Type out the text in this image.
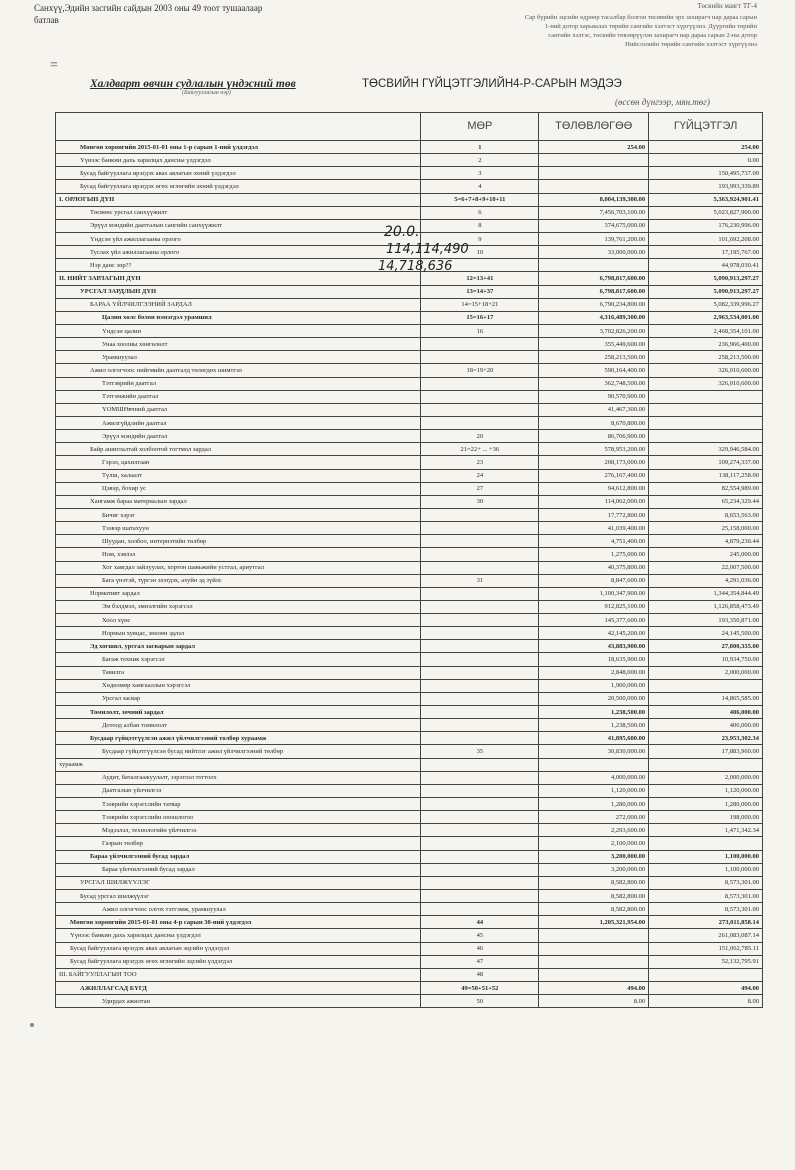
Санхүү,Эдийн засгийн сайдын 2003 оны 49 тоот тушаалаар
батлав
Төсвийн маягт ТГ-4
Сар бүрийн эцсийн өдрөөр тасалбар болгон төсөвийн эрх захирагч нар дараа сарын
1-ний дотор харьяалах төрийн сангийн хэлтэст хүргүүлнэ. Дүүргийн төрийн
сангийн хэлтэс, төсвийн төвлөрүүлэн захирагч нар дараа сарын 2-ны дотор
Нийслэлийн төрийн сангийн хэлтэст хүргүүлнэ
=
Халдварт өвчин судлалын үндэсний төв
(Байгууллагын нэр)
ТӨСВИЙН ГҮЙЦЭТГЭЛИЙН4-Р-САРЫН МЭДЭЭ
(өссөн дүнгээр, мян.төг)
	МӨР	ТӨЛӨВЛӨГӨӨ	ГҮЙЦЭТГЭЛ
Мөнгөн хөрөнгийн 2015-01-01 оны 1-р сарын 1-ний үлдэгдэл	1	254.00	254.00
Үүнээс банкин дахь харилцах дансны үлдэгдэл	2		0.00
Бусад байгууллага ирэгдэх авах авлагын эхний үлдэгдэл	3		150,495,737.09
Бусад байгууллага ирэгдэх өгөх өглөгийн эхний үлдэгдэл	4		193,993,339.89
I. ОРЛОГЫН ДҮН	5=6+7+8+9+10+11	8,004,139,300.00	5,363,924,901.41
Төсвөөс урсгал санхүүжилт	6	7,456,703,100.00	5,023,827,900.00
Эрүүл мэндийн даатгалын сангийн санхүүжилт	8	374,675,000.00	176,230,996.00
Үндсэн үйл ажиллагааны орлого	9	139,761,200.00	101,692,208.00
Туслах үйл ажиллагааны орлого	10	33,000,000.00	17,195,767.00
Нэр данс зөр??			44,978,030.41
II. НИЙТ ЗАРЛАГЫН ДҮН	12=13+41	6,798,817,600.00	5,090,913,297.27
УРСГАЛ ЗАРДЛЫН ДҮН	13=14+37	6,798,817,600.00	5,090,913,297.27
БАРАА ҮЙЛЧИЛГЭЭНИЙ ЗАРДАЛ	14=15+18+21	6,790,234,800.00	5,082,339,996.27
Цалин хөлс болон нэмэгдэл урамшил	15=16+17	4,316,489,300.00	2,963,534,001.00
Үндсэн цалин	16	3,702,826,200.00	2,468,354,101.00
Унаа хоолны хөнгөлөлт		355,449,600.00	236,966,400.00
Урамшуулал		258,213,500.00	258,213,500.00
Ажил олгогчоос нийгмийн даатгалд төлөгдөх шимтгэл	18=19+20	590,164,400.00	326,010,600.00
Тэтгэврийн даатгал		362,748,500.00	326,010,600.00
Тэтгэмжийн даатгал		90,570,900.00	
ҮОМШӨвчний даатгал		41,467,300.00	
Ажилгүйдлийн даатгал		8,670,800.00	
Эрүүл мэндийн даатгал	20	86,706,900.00	
Байр ашиглалтай холбоотой тогтмол зардал	21=22+ ... +36	578,953,200.00	329,946,584.00
Гэрэл, цахилгаан	23	208,173,000.00	109,274,337.00
Түлш, халаалт	24	276,167,400.00	138,117,258.00
Цэвэр, бохир ус	27	94,612,800.00	82,554,989.00
Хангамж бараа материалын зардал	30	114,062,000.00	65,234,329.44
Бичиг хэрэг		17,772,800.00	8,653,563.00
Тээвэр шатахуун		41,039,400.00	25,158,000.00
Шуудан, холбоо, интернэтийн төлбөр		4,751,400.00	4,879,230.44
Ном, хэвлэл		1,275,000.00	245,000.00
Хог хаягдал зайлуулах, хортон шавьжийн устгал, ариутгал		40,375,800.00	22,007,500.00
Бага үнэтэй, түргэн элэгдэх, ахуйн эд зүйлс	31	8,847,600.00	4,291,036.00
Нормативт зардал		1,100,347,900.00	1,344,354,844.49
Эм бэлдмэл, эмнэлгийн хэрэгсэл		912,825,100.00	1,126,858,473.49
Хоол хүнс		145,377,600.00	193,350,871.00
Нормын хувцас, зөөлөн эдлэл		42,145,200.00	24,145,500.00
Эд хогшил, урсгал засварын зардал		43,883,900.00	27,800,335.00
Багаж техник хэрэгсэл		18,635,900.00	10,934,750.00
Тавилга		2,848,000.00	2,000,000.00
Хөдөлмөр хамгааллын хэрэгсэл		1,900,000.00	
Урсгал засвар		20,500,000.00	14,865,585.00
Томилолт, зочний зардал		1,238,500.00	406,000.00
Дотоод албан томилолт		1,238,500.00	406,000.00
Бусдаар гүйцэтгүүлсэн ажил үйлчилгээний төлбөр хураамж		41,895,600.00	23,953,302.34
Бусдаар гүйцэтгүүлсэн бусад нийтлэг ажил үйлчилгээний төлбөр	35	30,830,000.00	17,883,960.00
хураамж			
Аудит, баталгаажуулалт, зэрэглэл тогтоох		4,000,000.00	2,000,000.00
Даатгалын үйлчилгээ		1,120,000.00	1,120,000.00
Тээврийн хэрэгслийн татвар		1,280,000.00	1,280,000.00
Тээврийн хэрэгслийн оношлогоо		272,000.00	198,000.00
Мэдээлэл, технологийн үйлчилгээ		2,293,600.00	1,471,342.34
Газрын төлбөр		2,100,000.00	
Бараа үйлчилгээний бусад зардал		3,200,000.00	1,100,000.00
Бараа үйлчилгээний бусад зардал		3,200,000.00	1,100,000.00
УРСГАЛ ШИЛЖҮҮЛЭГ		8,582,800.00	8,573,301.00
Бусад урсгал шилжүүлэг		8,582,800.00	8,573,301.00
Ажил олгогчоос олгох тэтгэмж, урамшуулал		8,582,800.00	8,573,301.00
Мөнгөн хөрөнгийн 2015-01-01 оны 4-р сарын 30-ний үлдэгдэл	44	1,205,321,954.00	273,011,858.14
Үүнээс банкин дахь харилцах дансны үлдэгдэл	45		261,083,087.14
Бусад байгууллага ирэгдэх авах авлагын эцсийн үлдэгдэл	46		151,062,785.11
Бусад байгууллага ирэгдэх өгөх өглөгийн эцсийн үлдэгдэл	47		52,132,795.91
III. БАЙГУУЛЛАГЫН ТОО	48		
АЖИЛЛАГСАД БҮГД	49=50+51+52	494.00	494.00
Удирдах ажилтан	50	8.00	8.00
20.0.
114,114,490
14,718,636
